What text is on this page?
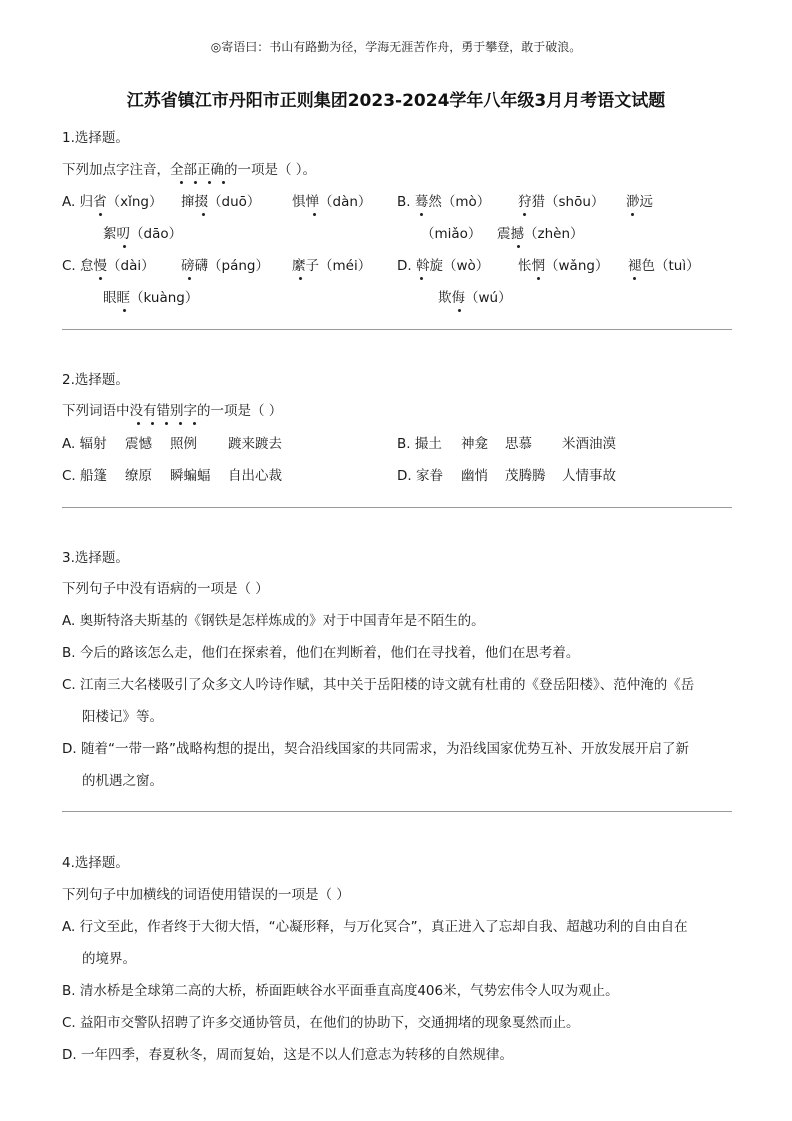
◎寄语曰：书山有路勤为径，学海无涯苦作舟，勇于攀登，敢于破浪。
江苏省镇江市丹阳市正则集团2023-2024学年八年级3月月考语文试题
1.选择题。
下列加点字注音，全部正确的一项是（ ）。
A. 归省（xǐng） 撺掇（duō） 惧惮（dàn）
絮叨（dāo）
B. 蓦然（mò） 狩猎（shōu） 渺远
（miǎo） 震撼（zhèn）
C. 怠慢（dài） 磅礴（páng） 縻子（méi）
眼眶（kuàng）
D. 斡旋（wò） 怅惘（wǎng） 褪色（tuì）
欺侮（wú）
2.选择题。
下列词语中没有错别字的一项是（ ）
A. 辐射 震憾 照例 踱来踱去	B. 撮土 神龛 思慕 米酒油漠
C. 船篷 缭原 瞬蝙蝠 自出心裁	D. 家眷 幽悄 茂腾腾 人情事故
3.选择题。
下列句子中没有语病的一项是（ ）
A. 奥斯特洛夫斯基的《钢铁是怎样炼成的》对于中国青年是不陌生的。
B. 今后的路该怎么走，他们在探索着，他们在判断着，他们在寻找着，他们在思考着。
C. 江南三大名楼吸引了众多文人吟诗作赋，其中关于岳阳楼的诗文就有杜甫的《登岳阳楼》、范仲淹的《岳
阳楼记》等。
D. 随着“一带一路”战略构想的提出，契合沿线国家的共同需求，为沿线国家优势互补、开放发展开启了新
的机遇之窗。
4.选择题。
下列句子中加横线的词语使用错误的一项是（ ）
A. 行文至此，作者终于大彻大悟，“心凝形释，与万化冥合”，真正进入了忘却自我、超越功利的自由自在
的境界。
B. 清水桥是全球第二高的大桥，桥面距峡谷水平面垂直高度406米，气势宏伟令人叹为观止。
C. 益阳市交警队招聘了许多交通协管员，在他们的协助下，交通拥堵的现象戛然而止。
D. 一年四季，春夏秋冬，周而复始，这是不以人们意志为转移的自然规律。
